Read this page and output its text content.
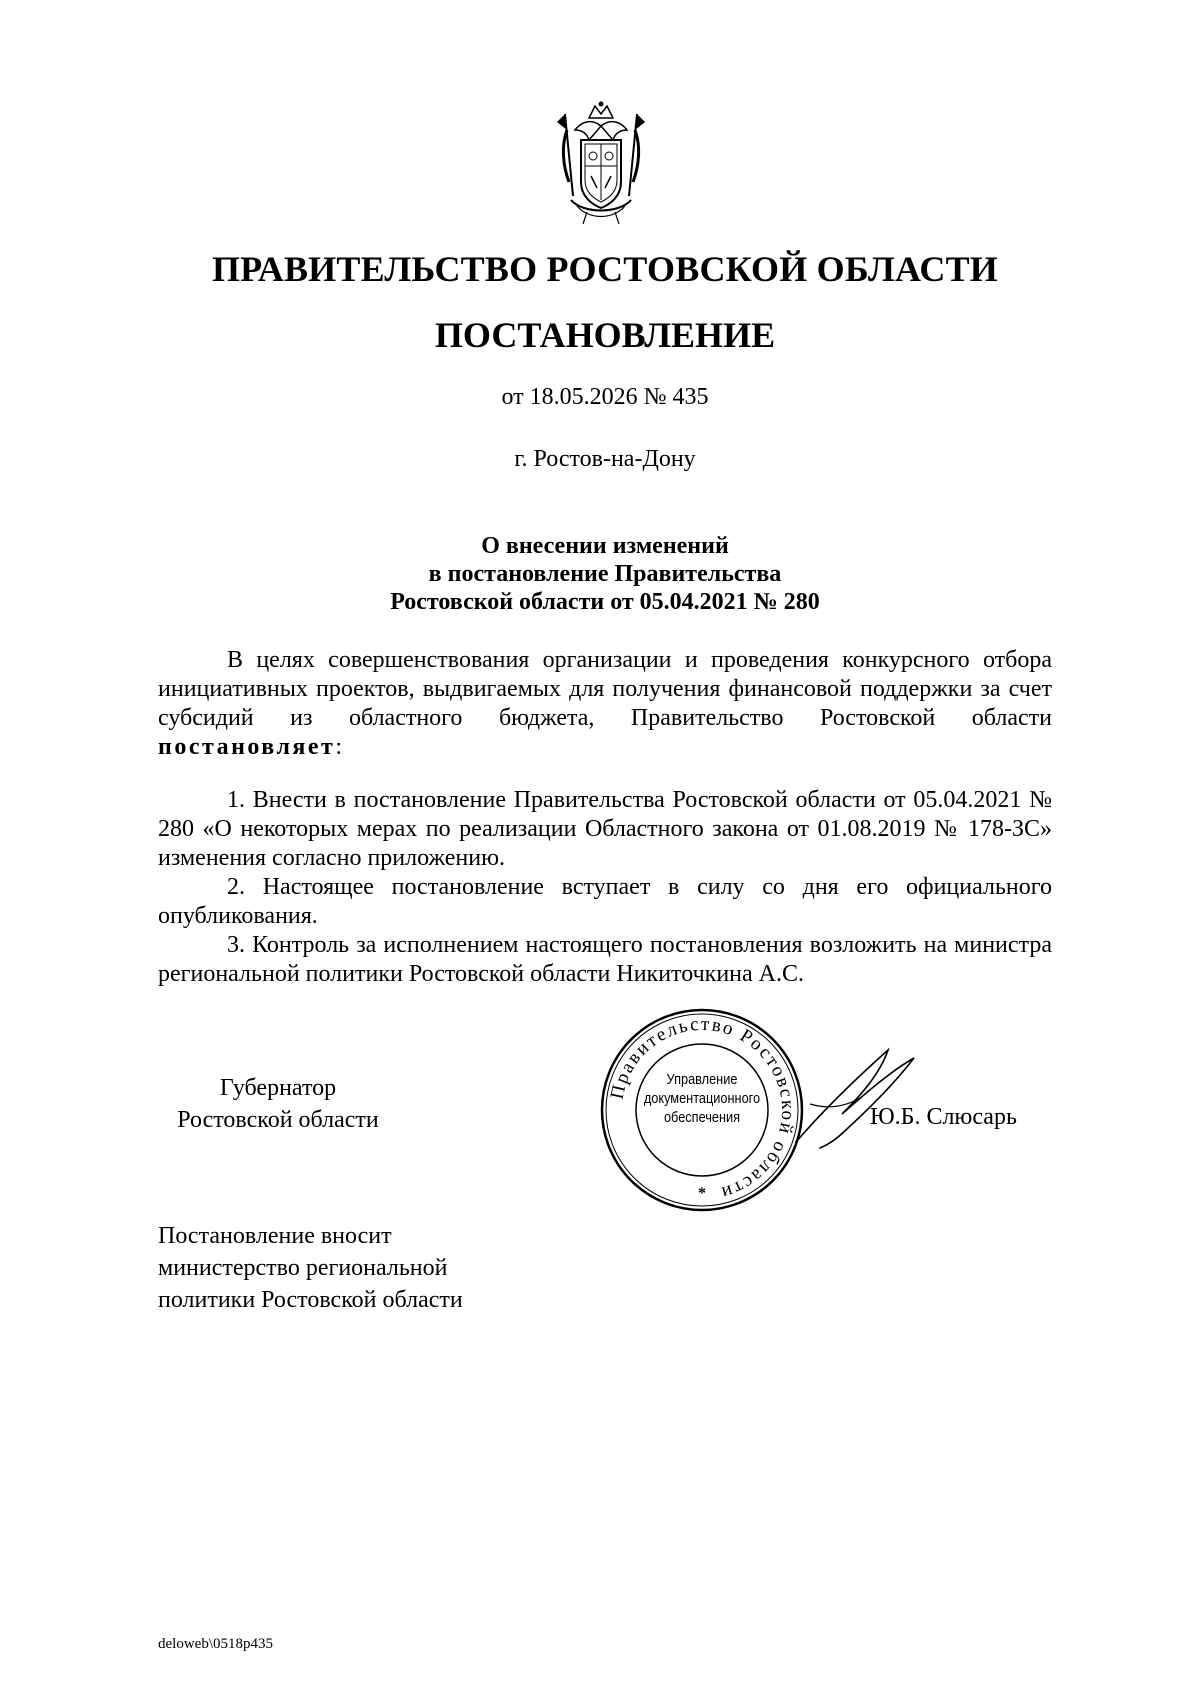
ПРАВИТЕЛЬСТВО РОСТОВСКОЙ ОБЛАСТИ
ПОСТАНОВЛЕНИЕ
от 18.05.2026 № 435
г. Ростов-на-Дону
О внесении изменений
в постановление Правительства
Ростовской области от 05.04.2021 № 280

В целях совершенствования организации и проведения конкурсного отбора инициативных проектов, выдвигаемых для получения финансовой поддержки за счет субсидий из областного бюджета, Правительство Ростовской области постановляет:

1. Внести в постановление Правительства Ростовской области от 05.04.2021 № 280 «О некоторых мерах по реализации Областного закона от 01.08.2019 № 178-ЗС» изменения согласно приложению.

2. Настоящее постановление вступает в силу со дня его официального опубликования.

3. Контроль за исполнением настоящего постановления возложить на министра региональной политики Ростовской области Никиточкина А.С.

Губернатор
Ростовской области
Правительство Ростовской области
*
Управление
документационного
обеспечения	Ю.Б. Слюсарь
Постановление вносит
министерство региональной
политики Ростовской области
deloweb\0518p435
